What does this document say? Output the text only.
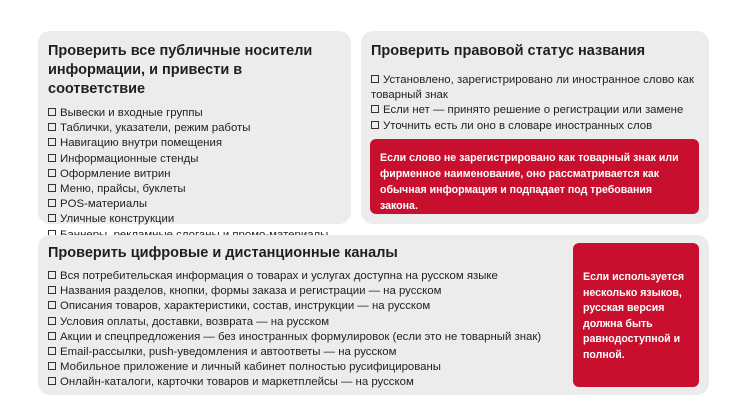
Проверить все публичные носители информации, и привести в соответствие
Вывески и входные группы
Таблички, указатели, режим работы
Навигацию внутри помещения
Информационные стенды
Оформление витрин
Меню, прайсы, буклеты
POS-материалы
Уличные конструкции
Проверить правовой статус названия
Установлено, зарегистрировано ли иностранное слово как товарный знак
Если нет — принято решение о регистрации или замене
Уточнить есть ли оно в словаре иностранных слов
Если слово не зарегистрировано как товарный знак или фирменное наименование, оно рассматривается как обычная информация и подпадает под требования закона.
Проверить цифровые и дистанционные каналы
Вся потребительская информация о товарах и услугах доступна на русском языке
Названия разделов, кнопки, формы заказа и регистрации — на русском
Описания товаров, характеристики, состав, инструкции — на русском
Условия оплаты, доставки, возврата — на русском
Акции и спецпредложения — без иностранных формулировок (если это не товарный знак)
Email-рассылки, push-уведомления и автоответы — на русском
Мобильное приложение и личный кабинет полностью русифицированы
Онлайн-каталоги, карточки товаров и маркетплейсы — на русском
Если используется несколько языков, русская версия должна быть равнодоступной и полной.
